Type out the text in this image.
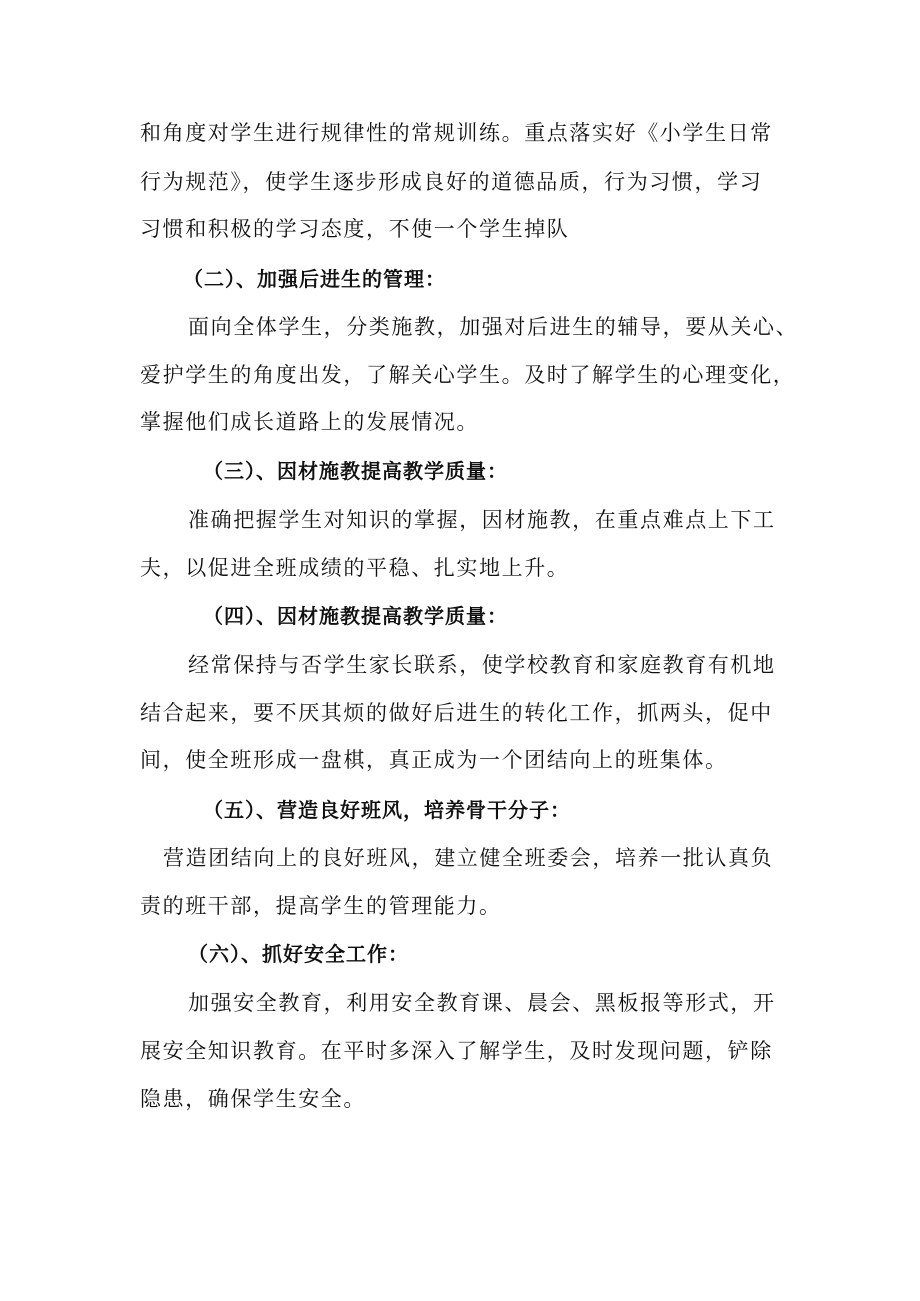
和角度对学生进行规律性的常规训练。重点落实好《小学生日常
行为规范》，使学生逐步形成良好的道德品质，行为习惯，学习
习惯和积极的学习态度，不使一个学生掉队
（二）、加强后进生的管理：
面向全体学生，分类施教，加强对后进生的辅导，要从关心、
爱护学生的角度出发，了解关心学生。及时了解学生的心理变化，
掌握他们成长道路上的发展情况。
（三）、因材施教提高教学质量：
准确把握学生对知识的掌握，因材施教，在重点难点上下工
夫，以促进全班成绩的平稳、扎实地上升。
（四）、因材施教提高教学质量：
经常保持与否学生家长联系，使学校教育和家庭教育有机地
结合起来，要不厌其烦的做好后进生的转化工作，抓两头，促中
间，使全班形成一盘棋，真正成为一个团结向上的班集体。
（五）、营造良好班风，培养骨干分子：
营造团结向上的良好班风，建立健全班委会，培养一批认真负
责的班干部，提高学生的管理能力。
（六）、抓好安全工作：
加强安全教育，利用安全教育课、晨会、黑板报等形式，开
展安全知识教育。在平时多深入了解学生，及时发现问题，铲除
隐患，确保学生安全。
